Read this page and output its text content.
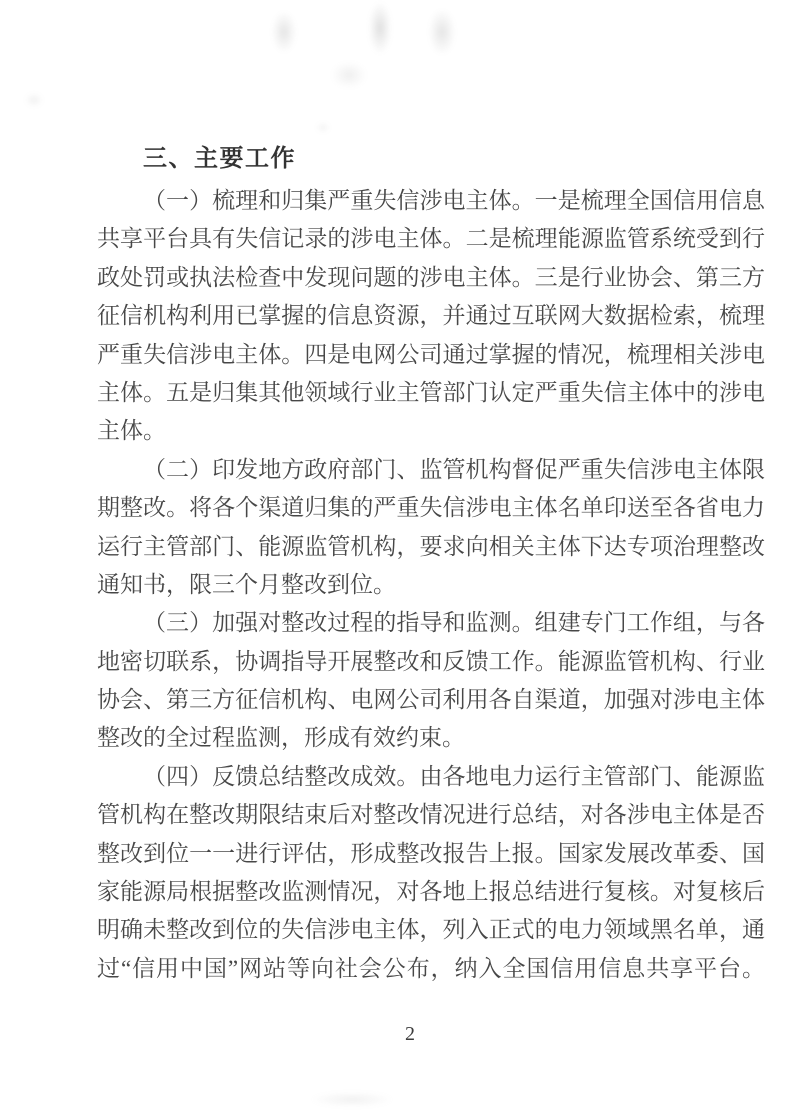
三、主要工作
（一）梳理和归集严重失信涉电主体。一是梳理全国信用信息
共享平台具有失信记录的涉电主体。二是梳理能源监管系统受到行
政处罚或执法检查中发现问题的涉电主体。三是行业协会、第三方
征信机构利用已掌握的信息资源，并通过互联网大数据检索，梳理
严重失信涉电主体。四是电网公司通过掌握的情况，梳理相关涉电
主体。五是归集其他领域行业主管部门认定严重失信主体中的涉电
主体。
（二）印发地方政府部门、监管机构督促严重失信涉电主体限
期整改。将各个渠道归集的严重失信涉电主体名单印送至各省电力
运行主管部门、能源监管机构，要求向相关主体下达专项治理整改
通知书，限三个月整改到位。
（三）加强对整改过程的指导和监测。组建专门工作组，与各
地密切联系，协调指导开展整改和反馈工作。能源监管机构、行业
协会、第三方征信机构、电网公司利用各自渠道，加强对涉电主体
整改的全过程监测，形成有效约束。
（四）反馈总结整改成效。由各地电力运行主管部门、能源监
管机构在整改期限结束后对整改情况进行总结，对各涉电主体是否
整改到位一一进行评估，形成整改报告上报。国家发展改革委、国
家能源局根据整改监测情况，对各地上报总结进行复核。对复核后
明确未整改到位的失信涉电主体，列入正式的电力领域黑名单，通
过“信用中国”网站等向社会公布，纳入全国信用信息共享平台。
2
